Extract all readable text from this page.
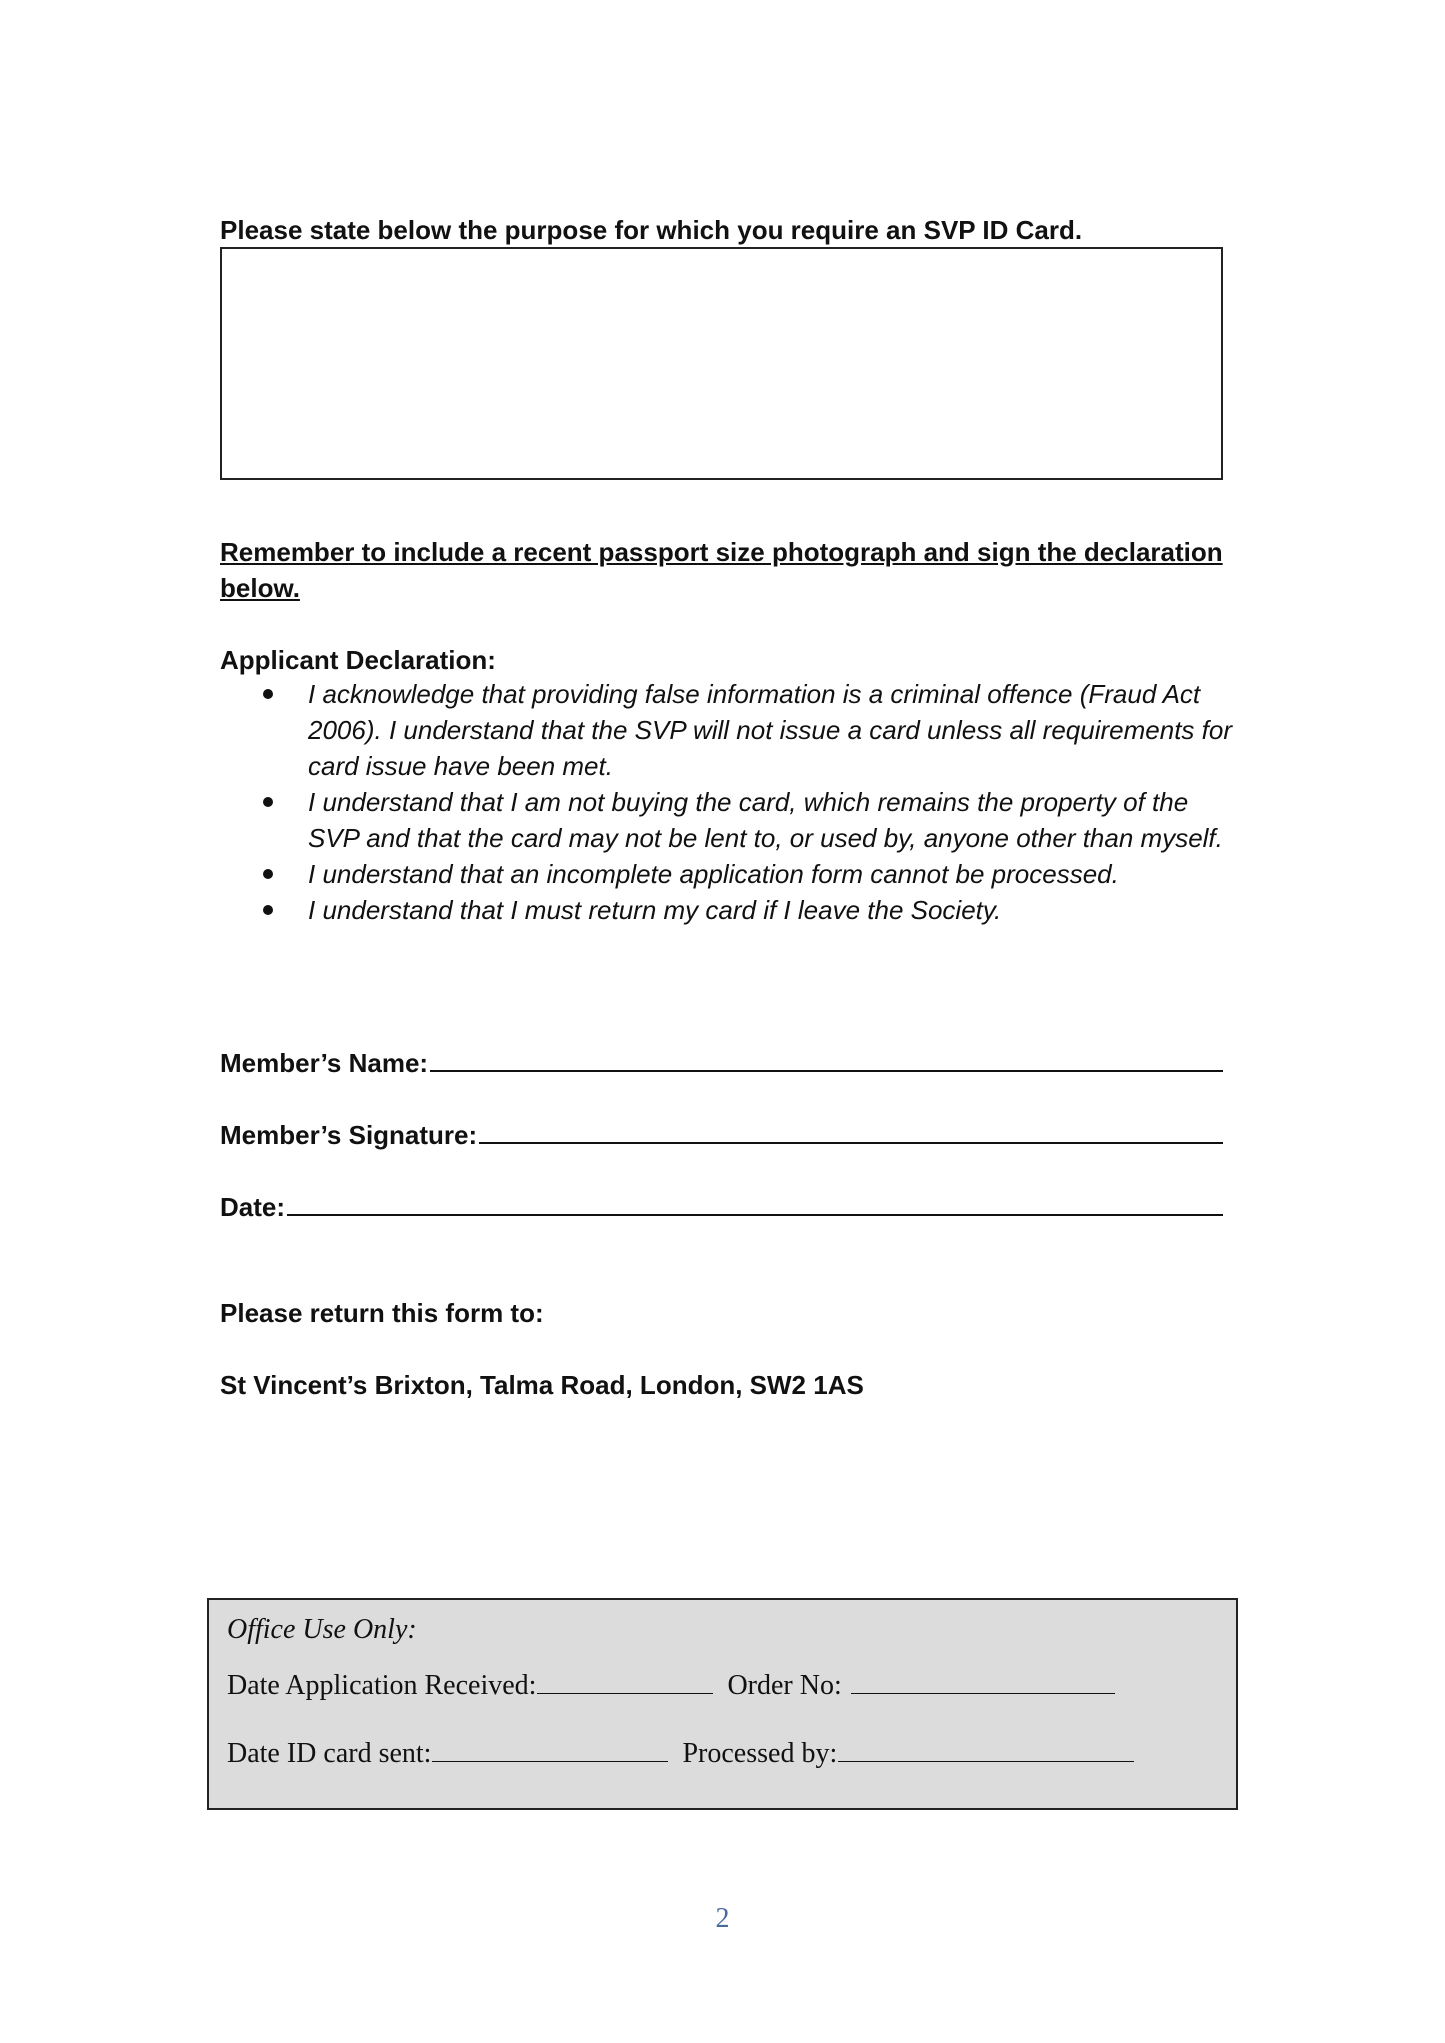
Please state below the purpose for which you require an SVP ID Card.
Remember to include a recent passport size photograph and sign the declaration below.
Applicant Declaration:
I acknowledge that providing false information is a criminal offence (Fraud Act 2006). I understand that the SVP will not issue a card unless all requirements for card issue have been met.
I understand that I am not buying the card, which remains the property of the SVP and that the card may not be lent to, or used by, anyone other than myself.
I understand that an incomplete application form cannot be processed.
I understand that I must return my card if I leave the Society.
Member’s Name:
Member’s Signature:
Date:
Please return this form to:
St Vincent’s Brixton, Talma Road, London, SW2 1AS
Office Use Only:
Date Application Received:	Order No:
Date ID card sent:	Processed by:
2
